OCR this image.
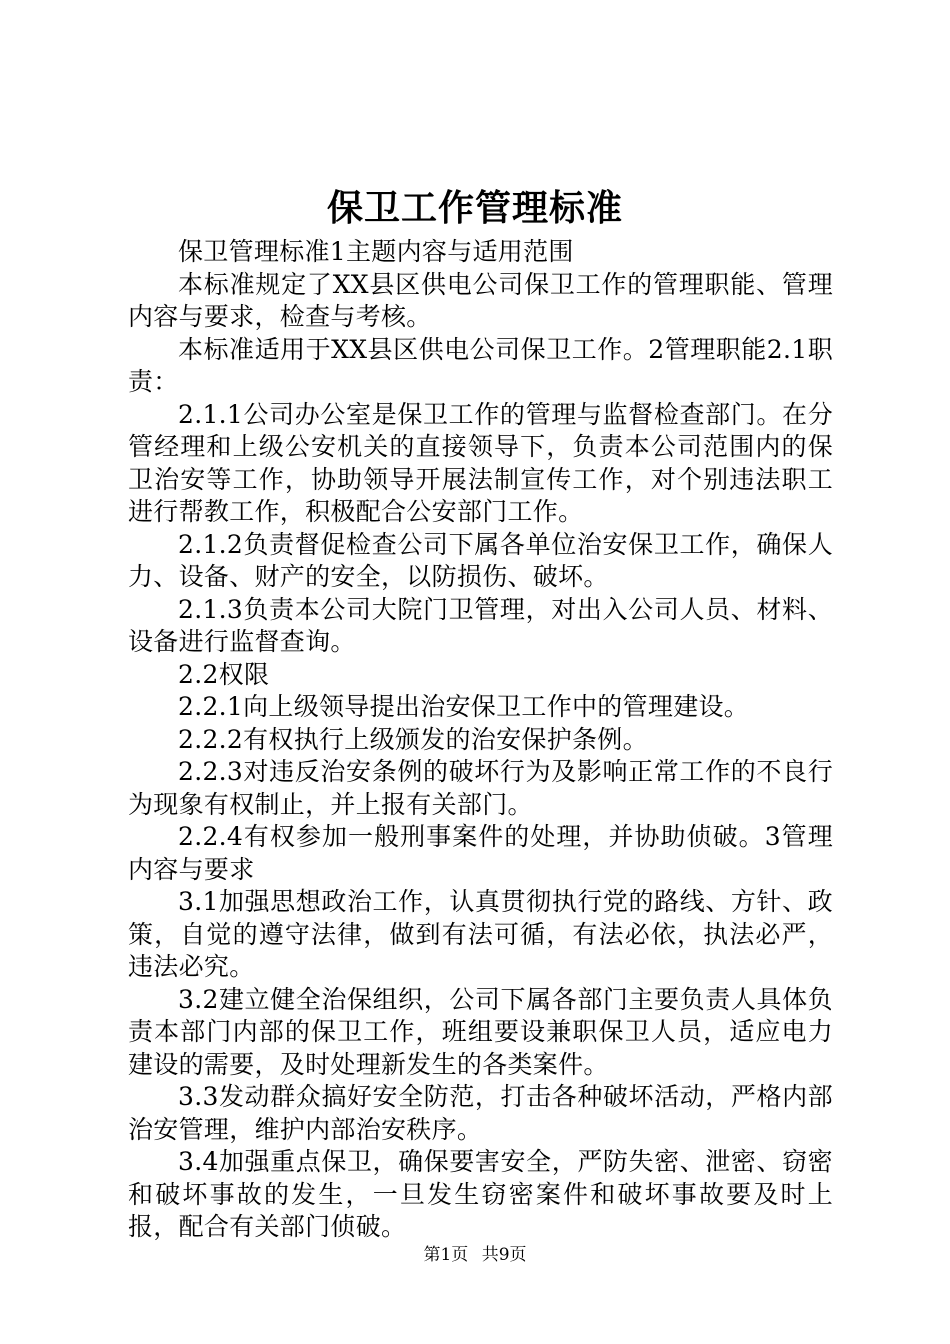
保卫工作管理标准

保卫管理标准1主题内容与适用范围

本标准规定了XX县区供电公司保卫工作的管理职能、管理内容与要求，检查与考核。

本标准适用于XX县区供电公司保卫工作。2管理职能2.1职责：

2.1.1公司办公室是保卫工作的管理与监督检查部门。在分管经理和上级公安机关的直接领导下，负责本公司范围内的保卫治安等工作，协助领导开展法制宣传工作，对个别违法职工进行帮教工作，积极配合公安部门工作。

2.1.2负责督促检查公司下属各单位治安保卫工作，确保人力、设备、财产的安全，以防损伤、破坏。

2.1.3负责本公司大院门卫管理，对出入公司人员、材料、设备进行监督查询。

2.2权限

2.2.1向上级领导提出治安保卫工作中的管理建设。

2.2.2有权执行上级颁发的治安保护条例。

2.2.3对违反治安条例的破坏行为及影响正常工作的不良行为现象有权制止，并上报有关部门。

2.2.4有权参加一般刑事案件的处理，并协助侦破。3管理内容与要求

3.1加强思想政治工作，认真贯彻执行党的路线、方针、政策，自觉的遵守法律，做到有法可循，有法必依，执法必严，违法必究。

3.2建立健全治保组织，公司下属各部门主要负责人具体负责本部门内部的保卫工作，班组要设兼职保卫人员，适应电力建设的需要，及时处理新发生的各类案件。

3.3发动群众搞好安全防范，打击各种破坏活动，严格内部治安管理，维护内部治安秩序。

3.4加强重点保卫，确保要害安全，严防失密、泄密、窃密和破坏事故的发生，一旦发生窃密案件和破坏事故要及时上报，配合有关部门侦破。

第1页 共9页
